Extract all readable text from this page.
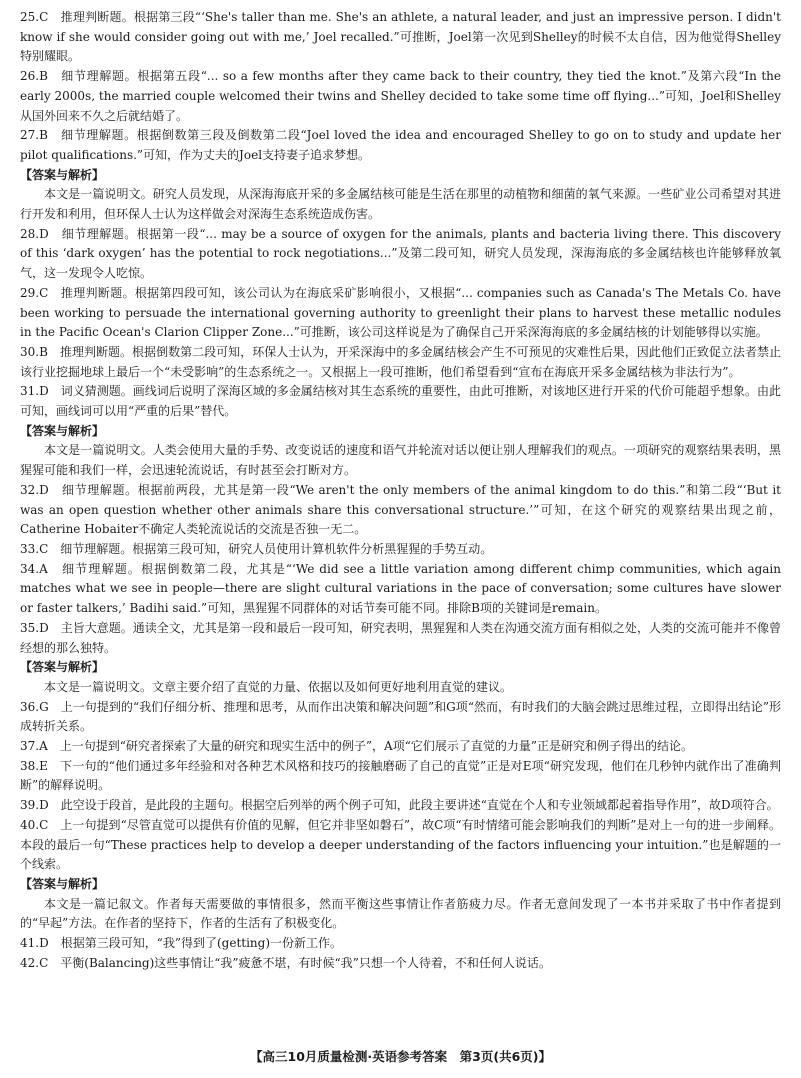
25.C　推理判断题。根据第三段“‘She's taller than me. She's an athlete, a natural leader, and just an impressive person. I didn't know if she would consider going out with me,’ Joel recalled.”可推断，Joel第一次见到Shelley的时候不太自信，因为他觉得Shelley特别耀眼。

26.B　细节理解题。根据第五段“... so a few months after they came back to their country, they tied the knot.”及第六段“In the early 2000s, the married couple welcomed their twins and Shelley decided to take some time off flying...”可知，Joel和Shelley从国外回来不久之后就结婚了。

27.B　细节理解题。根据倒数第三段及倒数第二段“Joel loved the idea and encouraged Shelley to go on to study and update her pilot qualifications.”可知，作为丈夫的Joel支持妻子追求梦想。

【答案与解析】

本文是一篇说明文。研究人员发现，从深海海底开采的多金属结核可能是生活在那里的动植物和细菌的氧气来源。一些矿业公司希望对其进行开发和利用，但环保人士认为这样做会对深海生态系统造成伤害。

28.D　细节理解题。根据第一段“... may be a source of oxygen for the animals, plants and bacteria living there. This discovery of this ‘dark oxygen’ has the potential to rock negotiations...”及第二段可知，研究人员发现，深海海底的多金属结核也许能够释放氧气，这一发现令人吃惊。

29.C　推理判断题。根据第四段可知，该公司认为在海底采矿影响很小，又根据“... companies such as Canada's The Metals Co. have been working to persuade the international governing authority to greenlight their plans to harvest these metallic nodules in the Pacific Ocean's Clarion Clipper Zone...”可推断，该公司这样说是为了确保自己开采深海海底的多金属结核的计划能够得以实施。

30.B　推理判断题。根据倒数第二段可知，环保人士认为，开采深海中的多金属结核会产生不可预见的灾难性后果，因此他们正致促立法者禁止该行业挖掘地球上最后一个“未受影响”的生态系统之一。又根据上一段可推断，他们希望看到“宣布在海底开采多金属结核为非法行为”。

31.D　词义猜测题。画线词后说明了深海区域的多金属结核对其生态系统的重要性，由此可推断，对该地区进行开采的代价可能超乎想象。由此可知，画线词可以用“严重的后果”替代。

【答案与解析】

本文是一篇说明文。人类会使用大量的手势、改变说话的速度和语气并轮流对话以便让别人理解我们的观点。一项研究的观察结果表明，黑猩猩可能和我们一样，会迅速轮流说话，有时甚至会打断对方。

32.D　细节理解题。根据前两段，尤其是第一段“We aren't the only members of the animal kingdom to do this.”和第二段“‘But it was an open question whether other animals share this conversational structure.’”可知，在这个研究的观察结果出现之前，Catherine Hobaiter不确定人类轮流说话的交流是否独一无二。

33.C　细节理解题。根据第三段可知，研究人员使用计算机软件分析黑猩猩的手势互动。

34.A　细节理解题。根据倒数第二段，尤其是“‘We did see a little variation among different chimp communities, which again matches what we see in people—there are slight cultural variations in the pace of conversation; some cultures have slower or faster talkers,’ Badihi said.”可知，黑猩猩不同群体的对话节奏可能不同。排除B项的关键词是remain。

35.D　主旨大意题。通读全文，尤其是第一段和最后一段可知，研究表明，黑猩猩和人类在沟通交流方面有相似之处，人类的交流可能并不像曾经想的那么独特。

【答案与解析】

本文是一篇说明文。文章主要介绍了直觉的力量、依据以及如何更好地利用直觉的建议。

36.G　上一句提到的“我们仔细分析、推理和思考，从而作出决策和解决问题”和G项“然而，有时我们的大脑会跳过思维过程，立即得出结论”形成转折关系。

37.A　上一句提到“研究者探索了大量的研究和现实生活中的例子”，A项“它们展示了直觉的力量”正是研究和例子得出的结论。

38.E　下一句的“他们通过多年经验和对各种艺术风格和技巧的接触磨砺了自己的直觉”正是对E项“研究发现，他们在几秒钟内就作出了准确判断”的解释说明。

39.D　此空设于段首，是此段的主题句。根据空后列举的两个例子可知，此段主要讲述“直觉在个人和专业领域都起着指导作用”，故D项符合。

40.C　上一句提到“尽管直觉可以提供有价值的见解，但它并非坚如磐石”，故C项“有时情绪可能会影响我们的判断”是对上一句的进一步阐释。本段的最后一句“These practices help to develop a deeper understanding of the factors influencing your intuition.”也是解题的一个线索。

【答案与解析】

本文是一篇记叙文。作者每天需要做的事情很多，然而平衡这些事情让作者筋疲力尽。作者无意间发现了一本书并采取了书中作者提到的“早起”方法。在作者的坚持下，作者的生活有了积极变化。

41.D　根据第三段可知，“我”得到了(getting)一份新工作。

42.C　平衡(Balancing)这些事情让“我”疲惫不堪，有时候“我”只想一个人待着，不和任何人说话。

【高三10月质量检测·英语参考答案　第3页(共6页)】
